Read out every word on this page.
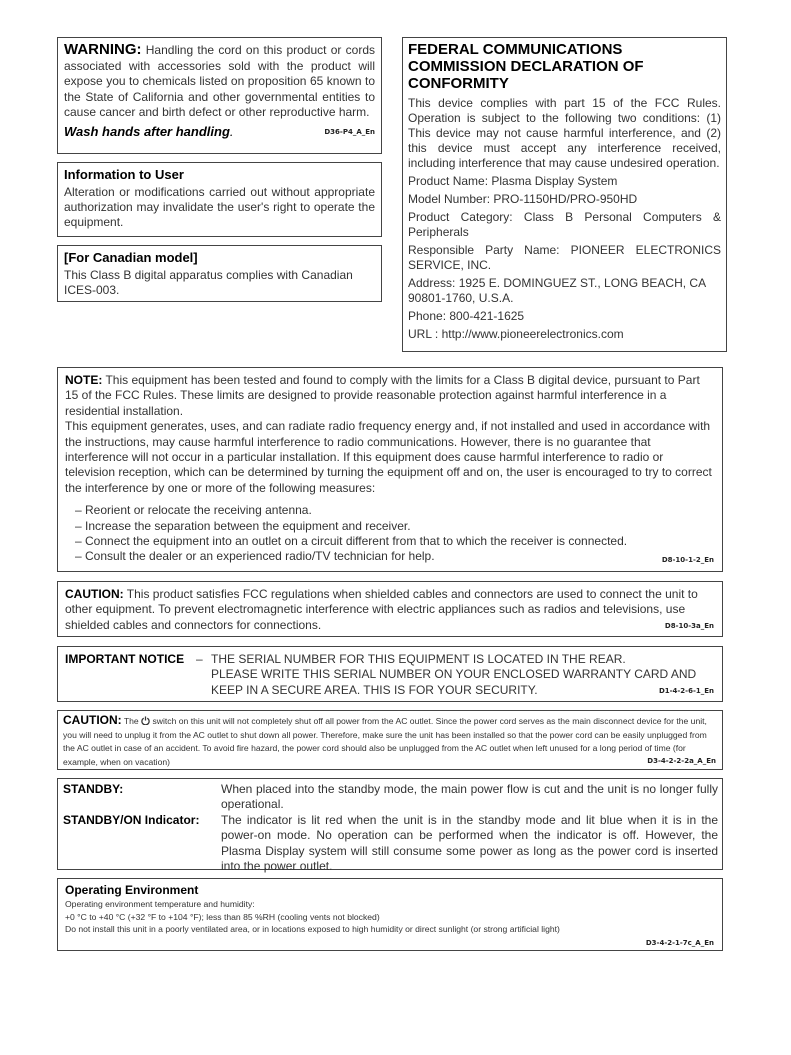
WARNING: Handling the cord on this product or cords associated with accessories sold with the product will expose you to chemicals listed on proposition 65 known to the State of California and other governmental entities to cause cancer and birth defect or other reproductive harm.

Wash hands after handling.	D36-P4_A_En

Information to User

Alteration or modifications carried out without appropriate authorization may invalidate the user's right to operate the equipment.

[For Canadian model]

This Class B digital apparatus complies with Canadian ICES-003.

FEDERAL COMMUNICATIONS COMMISSION DECLARATION OF CONFORMITY

This device complies with part 15 of the FCC Rules. Operation is subject to the following two conditions: (1) This device may not cause harmful interference, and (2) this device must accept any interference received, including interference that may cause undesired operation.

Product Name: Plasma Display System

Model Number: PRO-1150HD/PRO-950HD

Product Category: Class B Personal Computers & Peripherals

Responsible Party Name: PIONEER ELECTRONICS SERVICE, INC.

Address: 1925 E. DOMINGUEZ ST., LONG BEACH, CA 90801-1760, U.S.A.

Phone: 800-421-1625

URL : http://www.pioneerelectronics.com

NOTE: This equipment has been tested and found to comply with the limits for a Class B digital device, pursuant to Part 15 of the FCC Rules. These limits are designed to provide reasonable protection against harmful interference in a residential installation.

This equipment generates, uses, and can radiate radio frequency energy and, if not installed and used in accordance with the instructions, may cause harmful interference to radio communications. However, there is no guarantee that interference will not occur in a particular installation. If this equipment does cause harmful interference to radio or television reception, which can be determined by turning the equipment off and on, the user is encouraged to try to correct the interference by one or more of the following measures:

– Reorient or relocate the receiving antenna.

– Increase the separation between the equipment and receiver.

– Connect the equipment into an outlet on a circuit different from that to which the receiver is connected.

– Consult the dealer or an experienced radio/TV technician for help.	D8-10-1-2_En

CAUTION: This product satisfies FCC regulations when shielded cables and connectors are used to connect the unit to other equipment. To prevent electromagnetic interference with electric appliances such as radios and televisions, use shielded cables and connectors for connections.	D8-10-3a_En
IMPORTANT NOTICE – THE SERIAL NUMBER FOR THIS EQUIPMENT IS LOCATED IN THE REAR.

PLEASE WRITE THIS SERIAL NUMBER ON YOUR ENCLOSED WARRANTY CARD AND

KEEP IN A SECURE AREA. THIS IS FOR YOUR SECURITY.	D1-4-2-6-1_En

CAUTION: The switch on this unit will not completely shut off all power from the AC outlet. Since the power cord serves as the main disconnect device for the unit, you will need to unplug it from the AC outlet to shut down all power. Therefore, make sure the unit has been installed so that the power cord can be easily unplugged from the AC outlet in case of an accident. To avoid fire hazard, the power cord should also be unplugged from the AC outlet when left unused for a long period of time (for example, when on vacation)	D3-4-2-2-2a_A_En
STANDBY:	When placed into the standby mode, the main power flow is cut and the unit is no longer fully operational.

STANDBY/ON Indicator: The indicator is lit red when the unit is in the standby mode and lit blue when it is in the power-on mode. No operation can be performed when the indicator is off. However, the Plasma Display system will still consume some power as long as the power cord is inserted into the power outlet.

Operating Environment

Operating environment temperature and humidity:

+0 °C to +40 °C (+32 °F to +104 °F); less than 85 %RH (cooling vents not blocked)

Do not install this unit in a poorly ventilated area, or in locations exposed to high humidity or direct sunlight (or strong artificial light)

D3-4-2-1-7c_A_En
